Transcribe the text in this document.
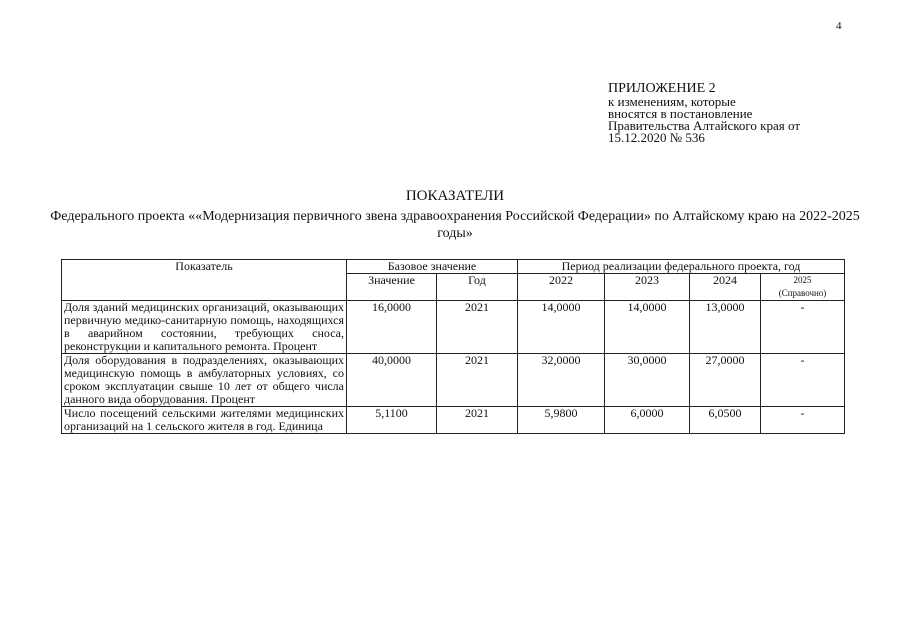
4
ПРИЛОЖЕНИЕ 2
к изменениям, которые
вносятся в постановление
Правительства Алтайского края от
15.12.2020 № 536
ПОКАЗАТЕЛИ
Федерального проекта ««Модернизация первичного звена здравоохранения Российской Федерации» по Алтайскому краю на 2022-2025 годы»
Показатель	Базовое значение		Период реализации федерального проекта, год			
	Значение	Год	2022	2023	2024	2025
(Справочно)

Доля зданий медицинских организаций, оказывающих первичную медико-санитарную помощь, находящихся в аварийном состоянии, требующих сноса, реконструкции и капитального ремонта. Процент	16,0000	2021	14,0000	14,0000	13,0000	-
Доля оборудования в подразделениях, оказывающих медицинскую помощь в амбулаторных условиях, со сроком эксплуатации свыше 10 лет от общего числа данного вида оборудования. Процент	40,0000	2021	32,0000	30,0000	27,0000	-
Число посещений сельскими жителями медицинских организаций на 1 сельского жителя в год. Единица	5,1100	2021	5,9800	6,0000	6,0500	-
